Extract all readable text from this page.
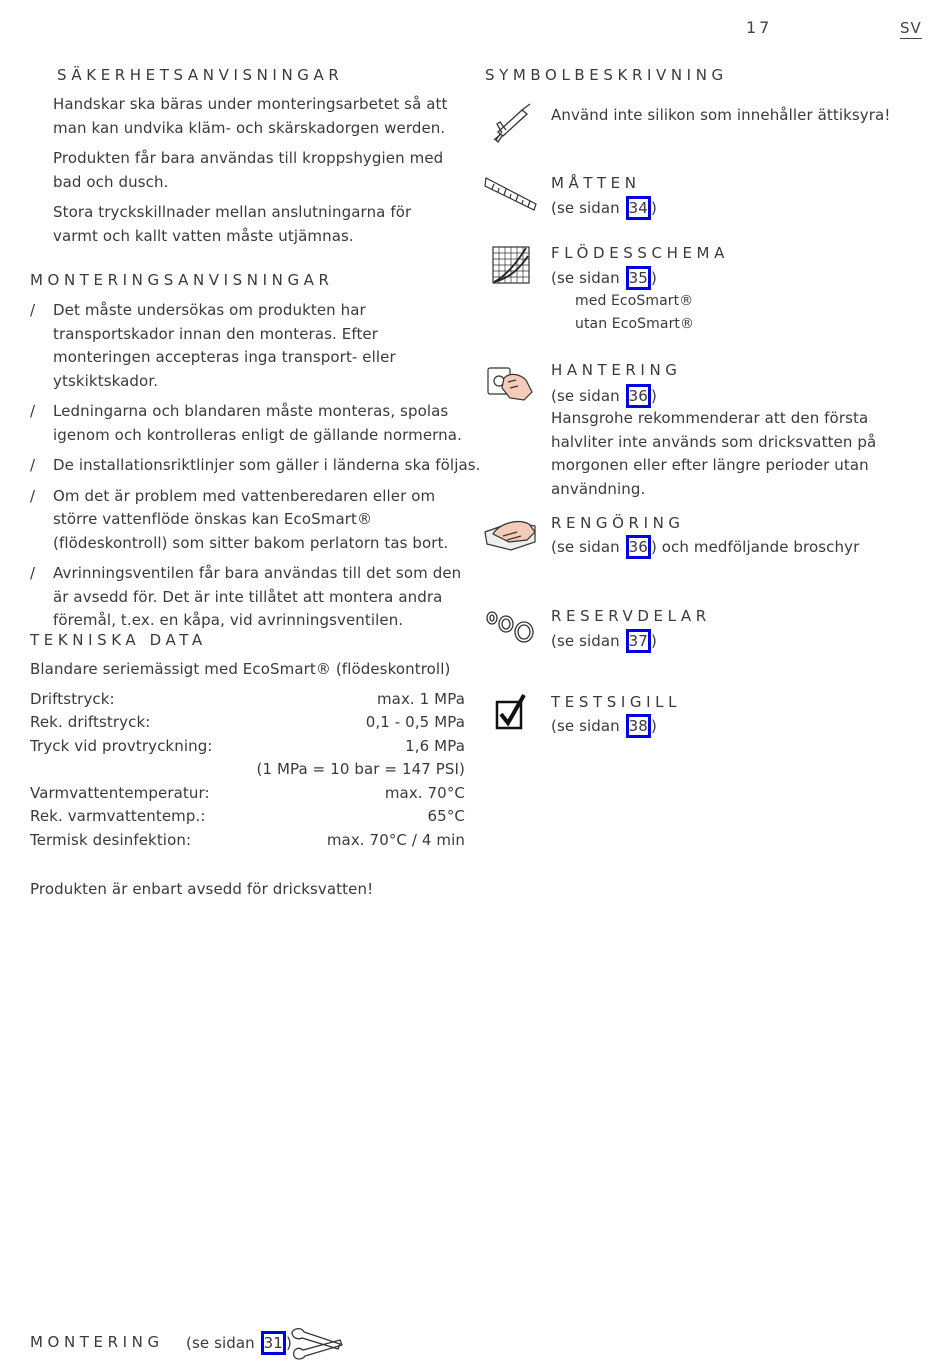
17	SV
SÄKERHETSANVISNINGAR

Handskar ska bäras under monteringsarbetet så att man kan undvika kläm- och skärskadorgen werden.

Produkten får bara användas till kroppshygien med bad och dusch.

Stora tryckskillnader mellan anslutningarna för varmt och kallt vatten måste utjämnas.

MONTERINGSANVISNINGAR
/ Det måste undersökas om produkten har transportskador innan den monteras. Efter monteringen accepteras inga transport- eller ytskiktskador.
/ Ledningarna och blandaren måste monteras, spolas igenom och kontrolleras enligt de gällande normerna.
/ De installationsriktlinjer som gäller i länderna ska följas.
/ Om det är problem med vattenberedaren eller om större vattenflöde önskas kan EcoSmart® (flödeskontroll) som sitter bakom perlatorn tas bort.
/ Avrinningsventilen får bara användas till det som den är avsedd för. Det är inte tillåtet att montera andra föremål, t.ex. en kåpa, vid avrinningsventilen.
TEKNISKA DATA
Blandare seriemässigt med EcoSmart® (flödeskontroll)
Driftstryck:	max. 1 MPa
Rek. driftstryck:	0,1 - 0,5 MPa
Tryck vid provtryckning:	1,6 MPa
(1 MPa = 10 bar = 147 PSI)
Varmvattentemperatur:	max. 70°C
Rek. varmvattentemp.:	65°C
Termisk desinfektion:	max. 70°C / 4 min
Produkten är enbart avsedd för dricksvatten!
SYMBOLBESKRIVNING
Använd inte silikon som innehåller ättiksyra!
MÅTTEN
(se sidan 34 )
FLÖDESSCHEMA
(se sidan 35 )
med EcoSmart®
utan EcoSmart®
HANTERING
(se sidan 36 )
Hansgrohe rekommenderar att den första halvliter inte används som dricksvatten på morgonen eller efter längre perioder utan användning.
RENGÖRING
(se sidan 36 ) och medföljande broschyr
RESERVDELAR
(se sidan 37 )
TESTSIGILL
(se sidan 38 )
MONTERING (se sidan 31 )
